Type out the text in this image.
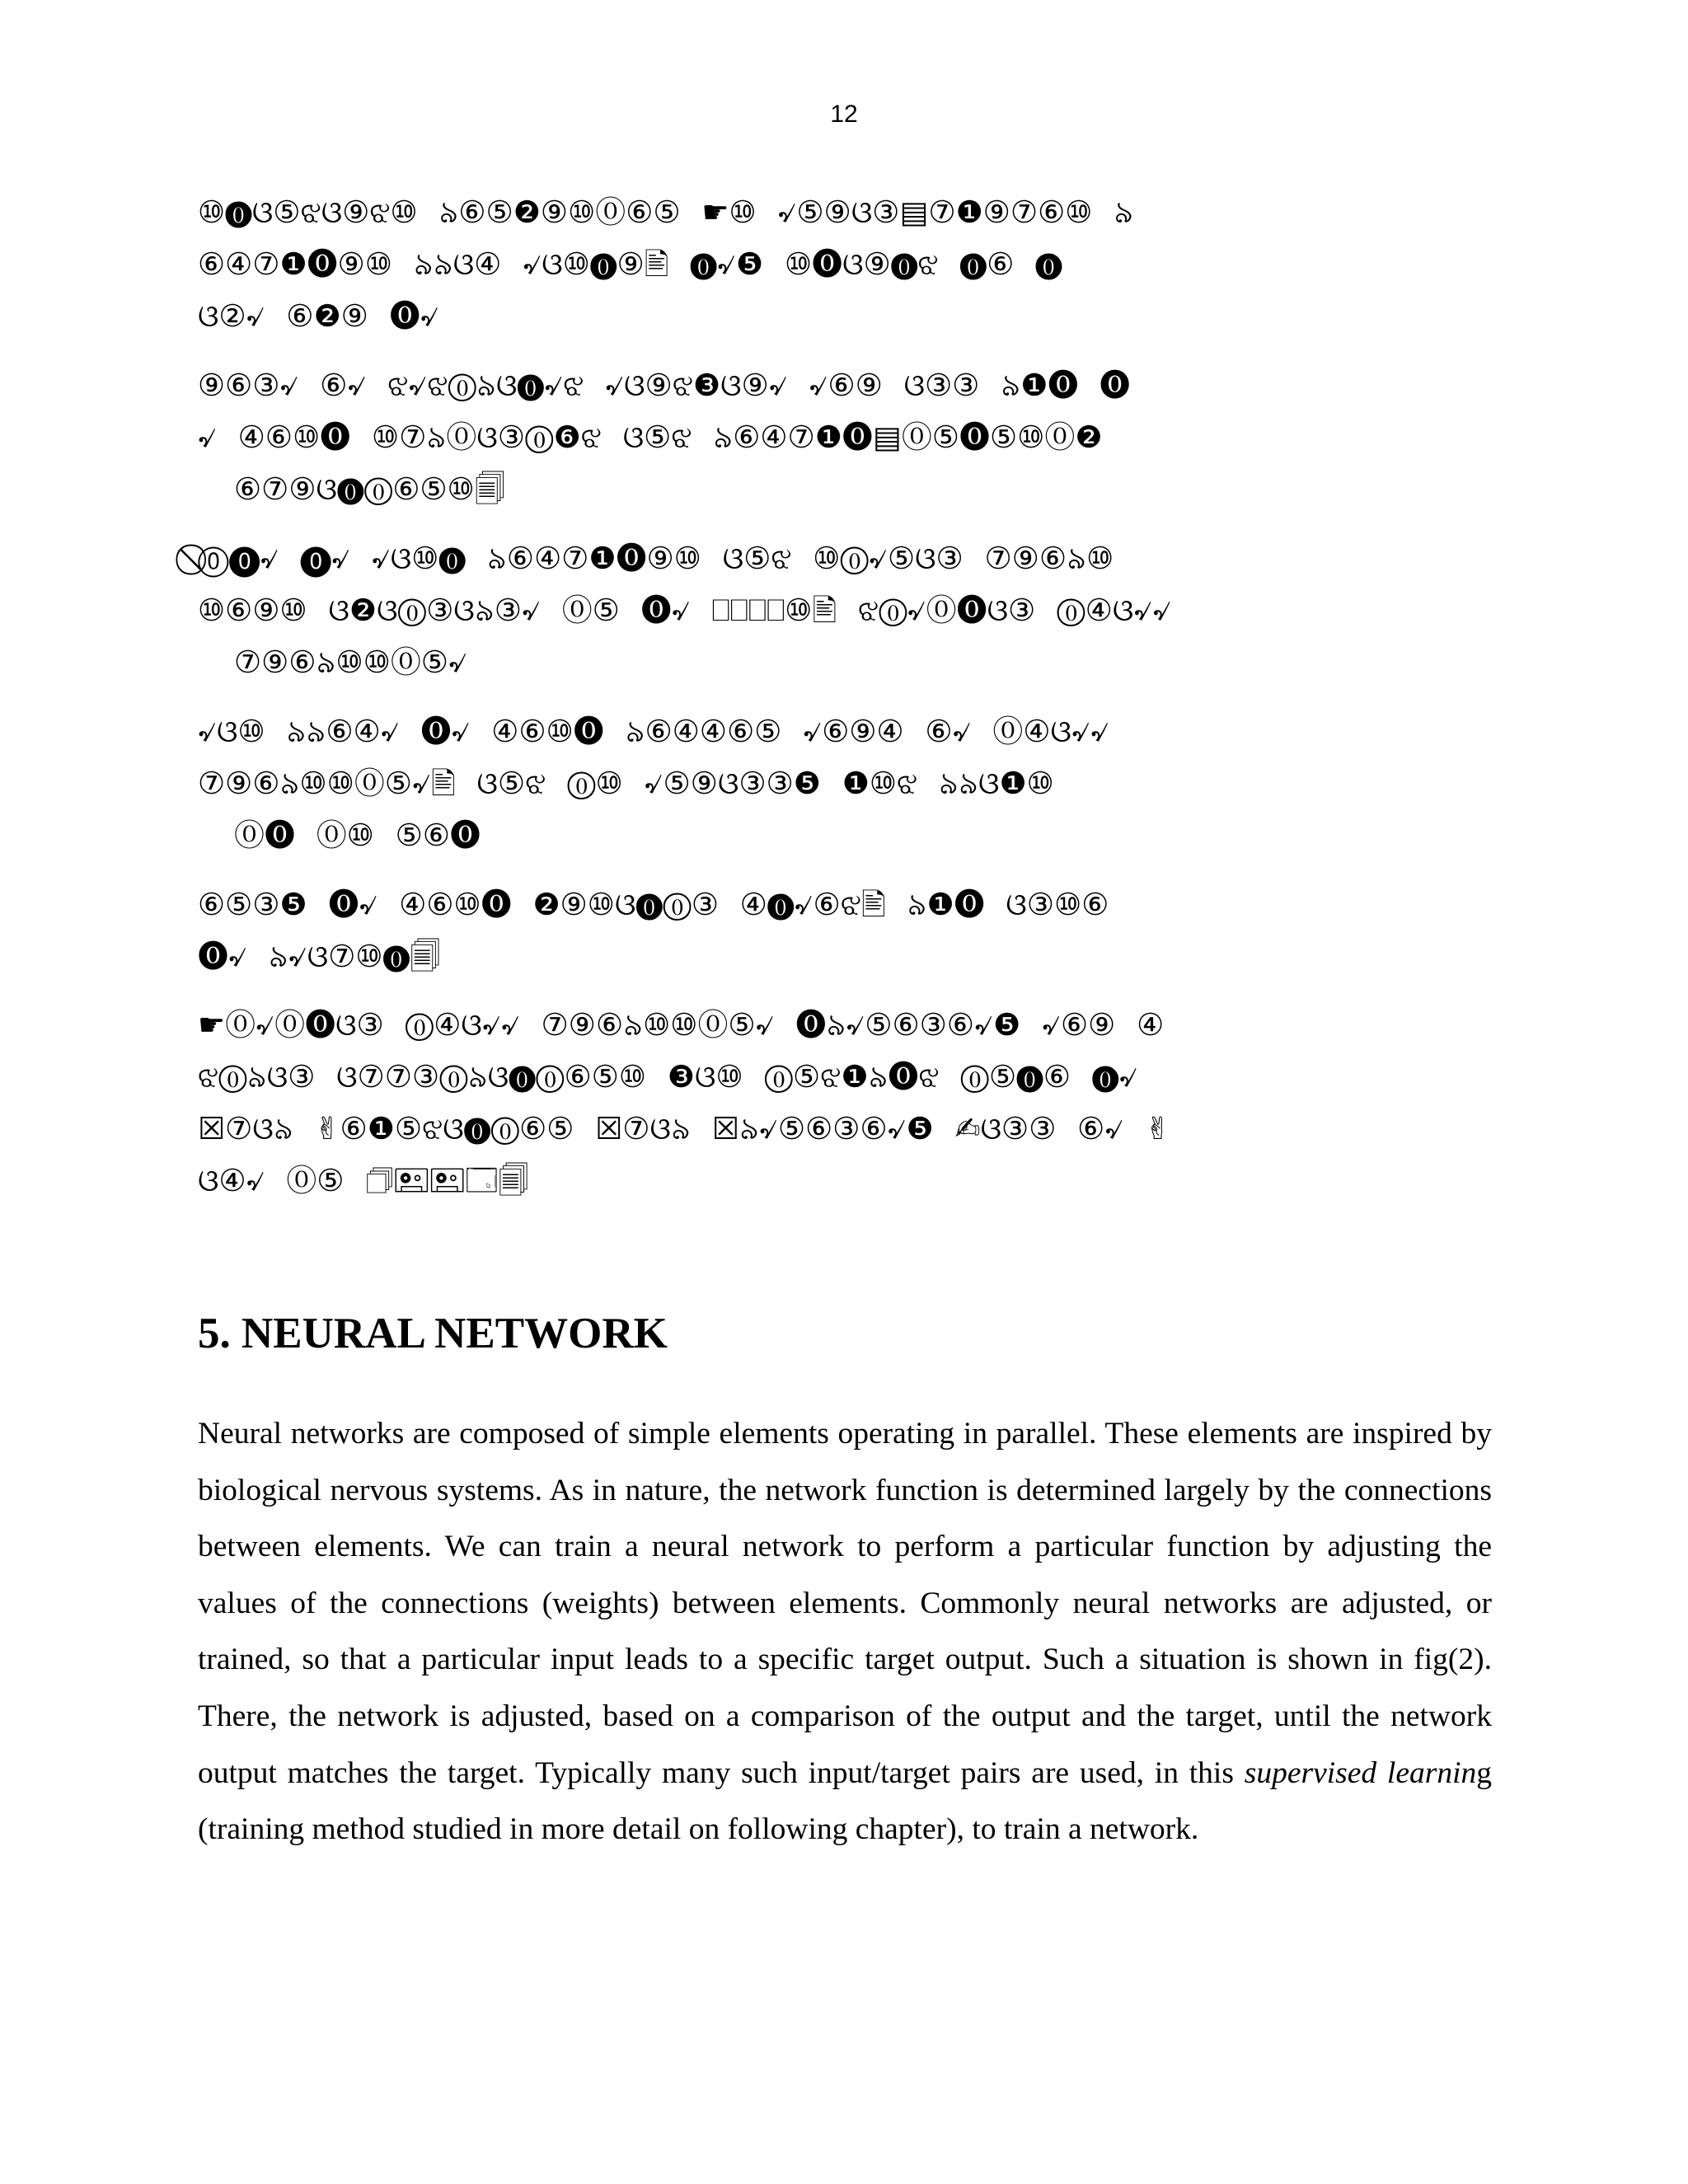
12
⑩⓿ଓ⑤ଝଓ⑨ଝ⑩ ৯⑥⑤❷⑨⑩⓪⑥⑤ ☛⑩ ৵⑤⑨ଓ③▤⑦❶⑨⑦⑥⑩ ৯
⑥④⑦❶⓿⑨⑩ ৯৯ଓ④ ৵ଓ⑩⓿⑨🖹 ⓿৵❺ ⑩⓿ଓ⑨⓿ଝ ⓿⑥ ⓿
ଓ②৵ ⑥❷⑨ ⓿৵
⑨⑥③৵ ⑥৵ ଝ৵ଝ⓪৯ଓ⓿৵ଝ ৵ଓ⑨ଝ❸ଓ⑨৵ ৵⑥⑨ ଓ③③ ৯❶⓿ ⓿
৵ ④⑥⑩⓿ ⑩⑦৯⓪ଓ③⓪❻ଝ ଓ⑤ଝ ৯⑥④⑦❶⓿▤⓪⑤⓿⑤⑩⓪❷
⑥⑦⑨ଓ⓿⓪⑥⑤⑩🗐
⃠⓪⓿৵ ⓿৵ ৵ଓ⑩⓿ ৯⑥④⑦❶⓿⑨⑩ ଓ⑤ଝ ⑩⓪৵⑤ଓ③ ⑦⑨⑥৯⑩
⑩⑥⑨⑩ ଓ❷ଓ⓪③ଓ৯③৵ ⓪⑤ ⓿৵ ⎕⎕⎕⎕⑩🖹 ଝ⓪৵⓪⓿ଓ③ ⓪④ଓ৵৵
⑦⑨⑥৯⑩⑩⓪⑤৵
৵ଓ⑩ ৯৯⑥④৵ ⓿৵ ④⑥⑩⓿ ৯⑥④④⑥⑤ ৵⑥⑨④ ⑥৵ ⓪④ଓ৵৵
⑦⑨⑥৯⑩⑩⓪⑤৵🖹 ଓ⑤ଝ ⓪⑩ ৵⑤⑨ଓ③③❺ ❶⑩ଝ ৯৯ଓ❶⑩
⓪⓿ ⓪⑩ ⑤⑥⓿
⑥⑤③❺ ⓿৵ ④⑥⑩⓿ ❷⑨⑩ଓ⓿⓪③ ④⓿৵⑥ଝ🖹 ৯❶⓿ ଓ③⑩⑥
⓿৵ ৯৵ଓ⑦⑩⓿🗐
☛⓪৵⓪⓿ଓ③ ⓪④ଓ৵৵ ⑦⑨⑥৯⑩⑩⓪⑤৵ ⓿৯৵⑤⑥③⑥৵❺ ৵⑥⑨ ④
ଝ⓪৯ଓ③ ଓ⑦⑦③⓪৯ଓ⓿⓪⑥⑤⑩ ❸ଓ⑩ ⓪⑤ଝ❶৯⓿ଝ ⓪⑤⓿⑥ ⓿৵
☒⑦ଓ৯ ✌⑥❶⑤ଝଓ⓿⓪⑥⑤ ☒⑦ଓ৯ ☒৯৵⑤⑥③⑥৵❺ ✍ଓ③③ ⑥৵ ✌
ଓ④৵ ⓪⑤ 🗇🖭🖭🗔🗐
5. NEURAL NETWORK

Neural networks are composed of simple elements operating in parallel. These elements are inspired by biological nervous systems. As in nature, the network function is determined largely by the connections between elements. We can train a neural network to perform a particular function by adjusting the values of the connections (weights) between elements. Commonly neural networks are adjusted, or trained, so that a particular input leads to a specific target output. Such a situation is shown in fig(2). There, the network is adjusted, based on a comparison of the output and the target, until the network output matches the target. Typically many such input/target pairs are used, in this supervised learning (training method studied in more detail on following chapter), to train a network.
